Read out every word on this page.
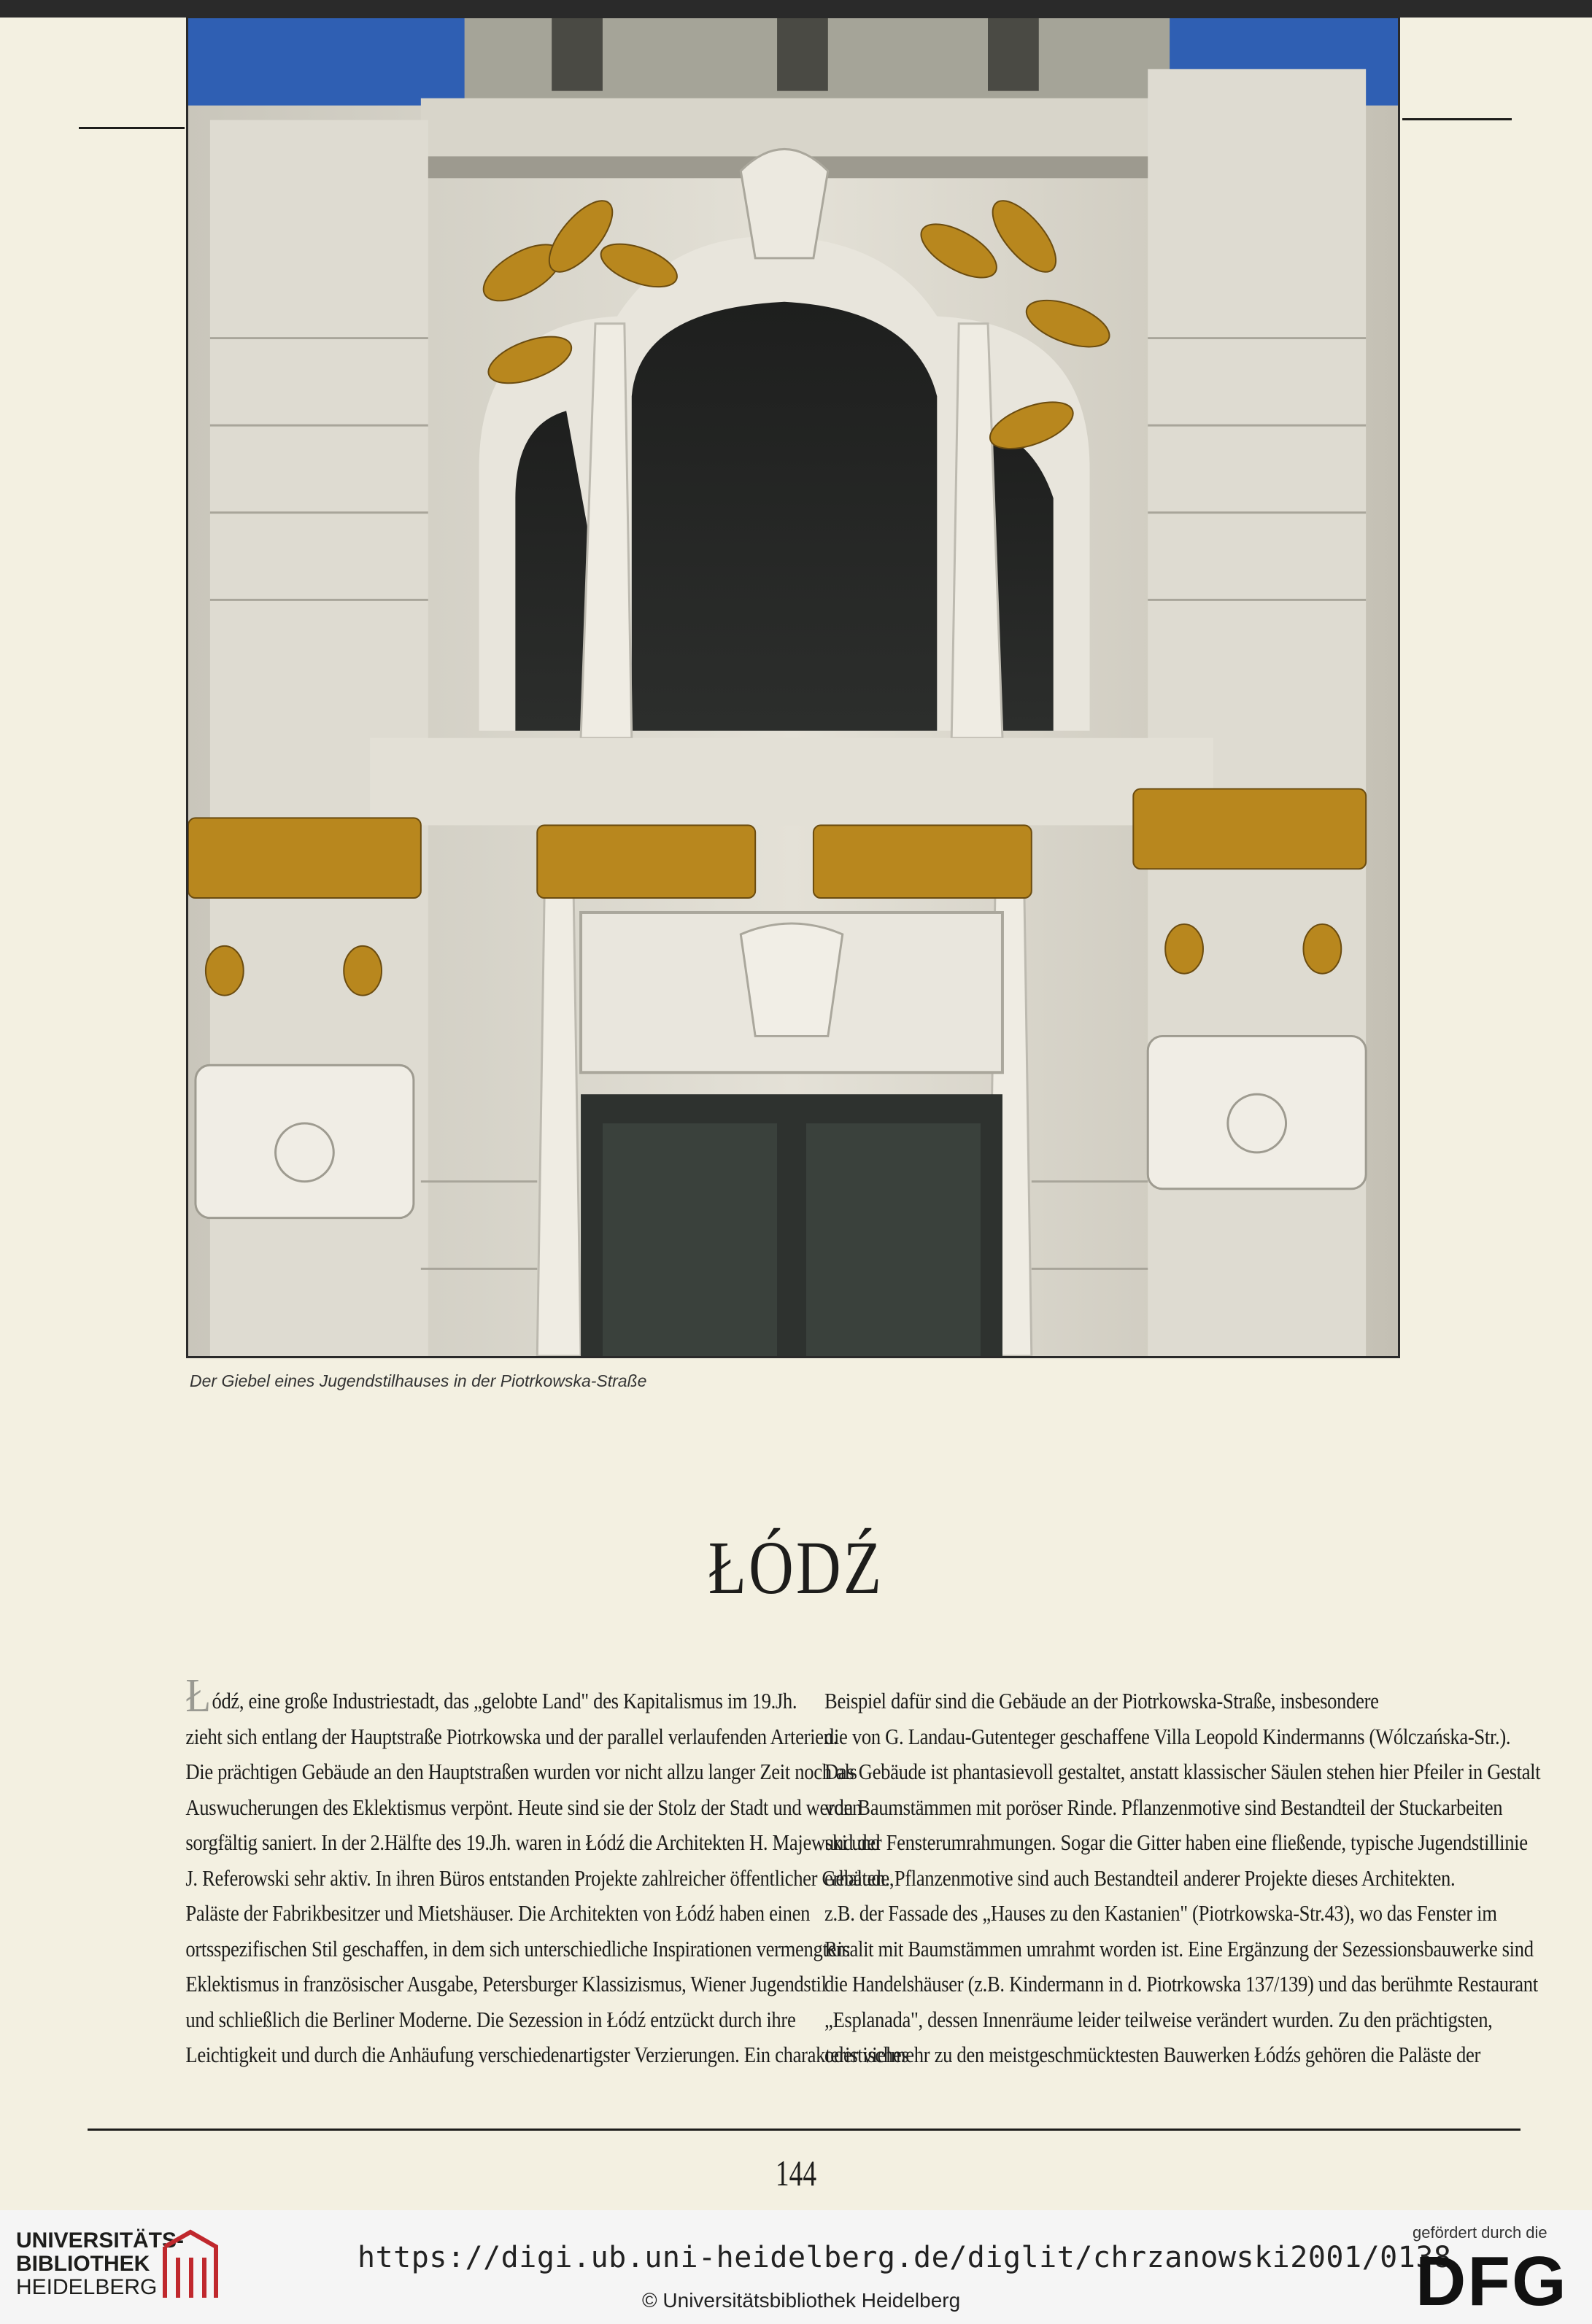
Der Giebel eines Jugendstilhauses in der Piotrkowska-Straße
ŁÓDŹ

Łódź, eine große Industriestadt, das „gelobte Land" des Kapitalismus im 19.Jh.

zieht sich entlang der Hauptstraße Piotrkowska und der parallel verlaufenden Arterien.

Die prächtigen Gebäude an den Hauptstraßen wurden vor nicht allzu langer Zeit noch als

Auswucherungen des Eklektismus verpönt. Heute sind sie der Stolz der Stadt und werden

sorgfältig saniert. In der 2.Hälfte des 19.Jh. waren in Łódź die Architekten H. Majewski und

J. Referowski sehr aktiv. In ihren Büros entstanden Projekte zahlreicher öffentlicher Gebäude,

Paläste der Fabrikbesitzer und Mietshäuser. Die Architekten von Łódź haben einen

ortsspezifischen Stil geschaffen, in dem sich unterschiedliche Inspirationen vermengten:

Eklektismus in französischer Ausgabe, Petersburger Klassizismus, Wiener Jugendstil

und schließlich die Berliner Moderne. Die Sezession in Łódź entzückt durch ihre

Leichtigkeit und durch die Anhäufung verschiedenartigster Verzierungen. Ein charakteristisches

Beispiel dafür sind die Gebäude an der Piotrkowska-Straße, insbesondere

die von G. Landau-Gutenteger geschaffene Villa Leopold Kindermanns (Wólczańska-Str.).

Das Gebäude ist phantasievoll gestaltet, anstatt klassischer Säulen stehen hier Pfeiler in Gestalt

von Baumstämmen mit poröser Rinde. Pflanzenmotive sind Bestandteil der Stuckarbeiten

und der Fensterumrahmungen. Sogar die Gitter haben eine fließende, typische Jugendstillinie

erhalten. Pflanzenmotive sind auch Bestandteil anderer Projekte dieses Architekten.

z.B. der Fassade des „Hauses zu den Kastanien" (Piotrkowska-Str.43), wo das Fenster im

Risalit mit Baumstämmen umrahmt worden ist. Eine Ergänzung der Sezessionsbauwerke sind

die Handelshäuser (z.B. Kindermann in d. Piotrkowska 137/139) und das berühmte Restaurant

„Esplanada", dessen Innenräume leider teilweise verändert wurden. Zu den prächtigsten,

oder vielmehr zu den meistgeschmücktesten Bauwerken Łódźs gehören die Paläste der

144
UNIVERSITÄTS-
BIBLIOTHEK
HEIDELBERG
https://digi.ub.uni-heidelberg.de/diglit/chrzanowski2001/0138
© Universitätsbibliothek Heidelberg
gefördert durch die
DFG
